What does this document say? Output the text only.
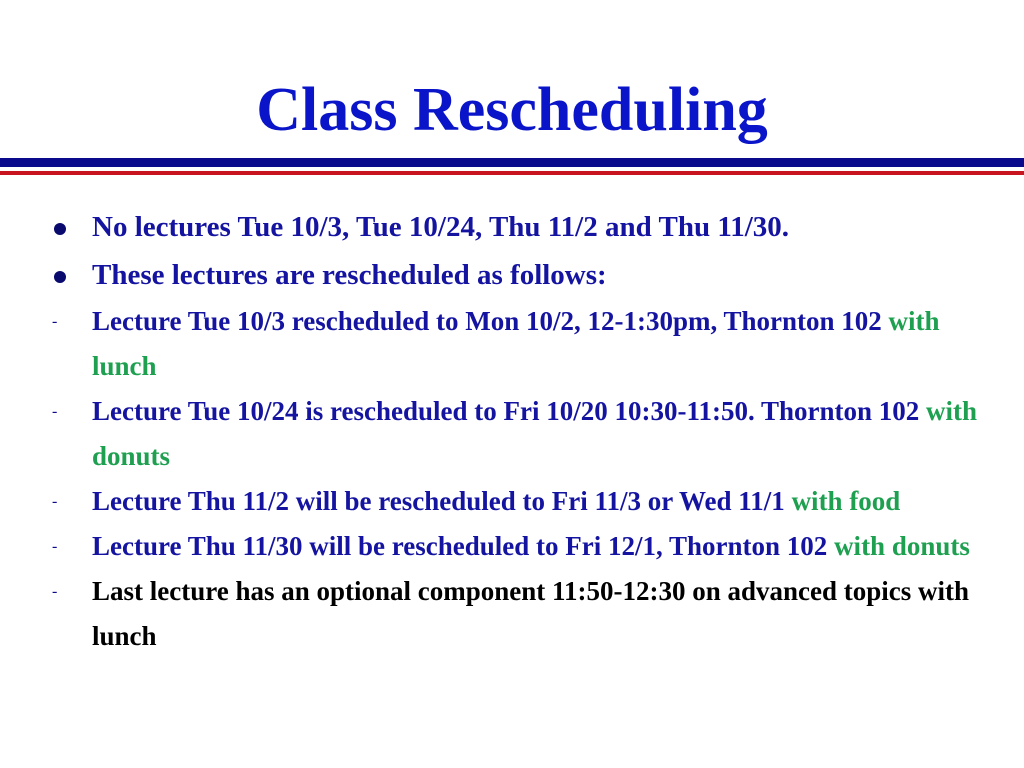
Class Rescheduling
No lectures Tue 10/3, Tue 10/24, Thu 11/2 and Thu 11/30.
These lectures are rescheduled as follows:
- Lecture Tue 10/3 rescheduled to Mon 10/2, 12-1:30pm, Thornton 102 with lunch
- Lecture Tue 10/24 is rescheduled to Fri 10/20 10:30-11:50. Thornton 102 with donuts
- Lecture Thu 11/2 will be rescheduled to Fri 11/3 or Wed 11/1 with food
- Lecture Thu 11/30 will be rescheduled to Fri 12/1, Thornton 102 with donuts
- Last lecture has an optional component 11:50-12:30 on advanced topics with lunch
